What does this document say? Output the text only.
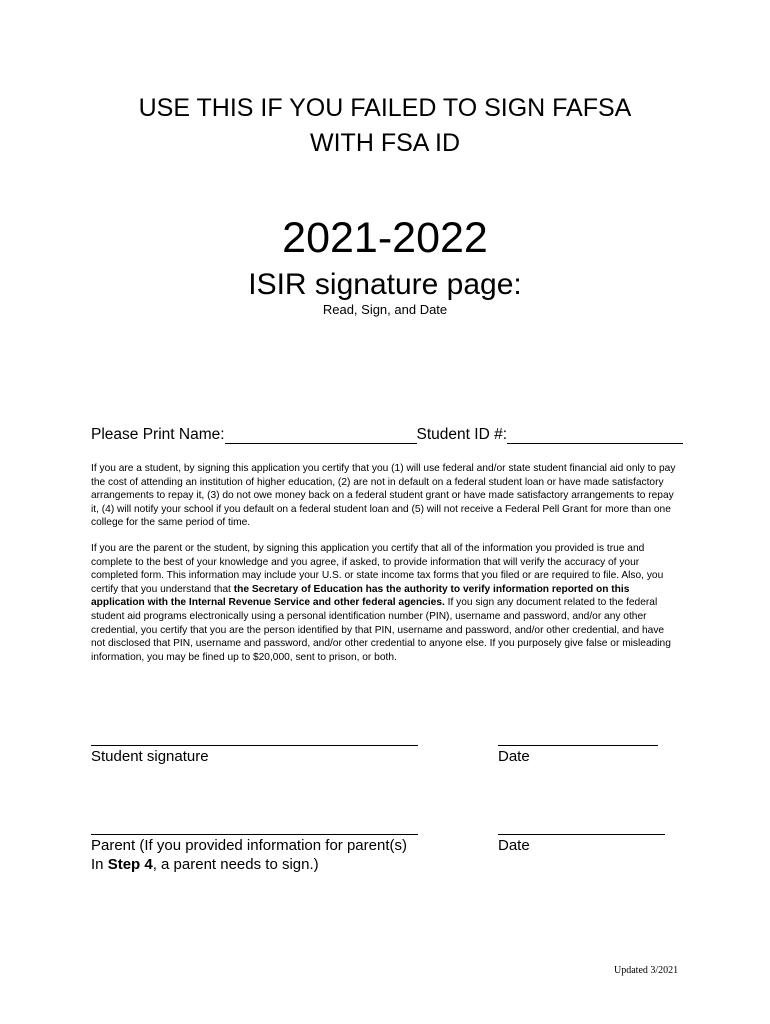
USE THIS IF YOU FAILED TO SIGN FAFSA
WITH FSA ID
2021-2022
ISIR signature page:
Read, Sign, and Date
Please Print Name:	Student ID #:
If you are a student, by signing this application you certify that you (1) will use federal and/or state student financial aid only to pay the cost of attending an institution of higher education, (2) are not in default on a federal student loan or have made satisfactory arrangements to repay it, (3) do not owe money back on a federal student grant or have made satisfactory arrangements to repay it, (4) will notify your school if you default on a federal student loan and (5) will not receive a Federal Pell Grant for more than one college for the same period of time.
If you are the parent or the student, by signing this application you certify that all of the information you provided is true and complete to the best of your knowledge and you agree, if asked, to provide information that will verify the accuracy of your completed form. This information may include your U.S. or state income tax forms that you filed or are required to file. Also, you certify that you understand that the Secretary of Education has the authority to verify information reported on this application with the Internal Revenue Service and other federal agencies. If you sign any document related to the federal student aid programs electronically using a personal identification number (PIN), username and password, and/or any other credential, you certify that you are the person identified by that PIN, username and password, and/or other credential, and have not disclosed that PIN, username and password, and/or other credential to anyone else. If you purposely give false or misleading information, you may be fined up to $20,000, sent to prison, or both.
Student signature	Date
Parent (If you provided information for parent(s)
In Step 4, a parent needs to sign.)
Date
Updated 3/2021
